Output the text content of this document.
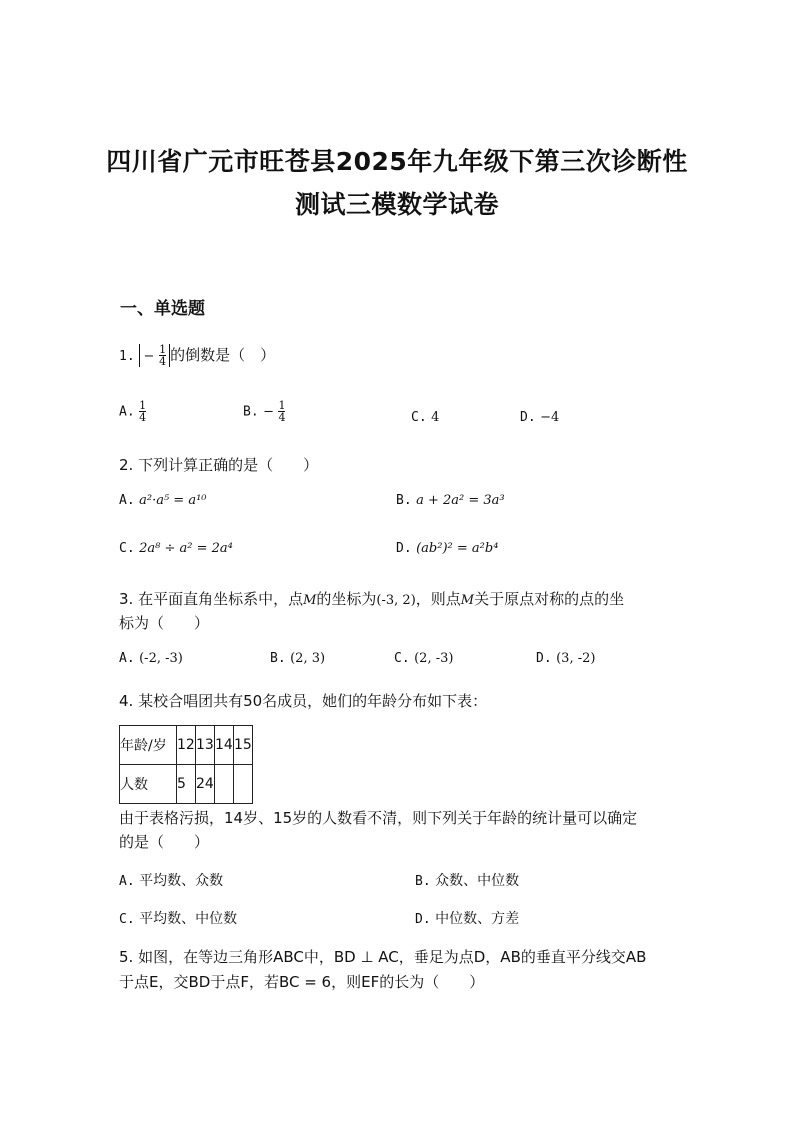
四川省广元市旺苍县2025年九年级下第三次诊断性
测试三模数学试卷
一、单选题
1. − $\frac{1}{4}$ 的倒数是（　）
A. $\frac{1}{4}$	B. − $\frac{1}{4}$	C. 4	D. −4
2. 下列计算正确的是（　　）
A. a²·a⁵ = a¹⁰	B. a + 2a² = 3a³
C. 2a⁸ ÷ a² = 2a⁴	D. (ab²)² = a²b⁴
3. 在平面直角坐标系中，点M的坐标为(-3, 2)，则点M关于原点对称的点的坐
标为（　　）
A. (-2, -3)	B. (2, 3)	C. (2, -3)	D. (3, -2)
4. 某校合唱团共有50名成员，她们的年龄分布如下表：
年龄/岁	12	13	14	15
人数	5	24		
由于表格污损，14岁、15岁的人数看不清，则下列关于年龄的统计量可以确定
的是（　　）
A. 平均数、众数	B. 众数、中位数
C. 平均数、中位数	D. 中位数、方差
5. 如图，在等边三角形ABC中，BD ⊥ AC，垂足为点D，AB的垂直平分线交AB
于点E，交BD于点F，若BC = 6，则EF的长为（　　）
